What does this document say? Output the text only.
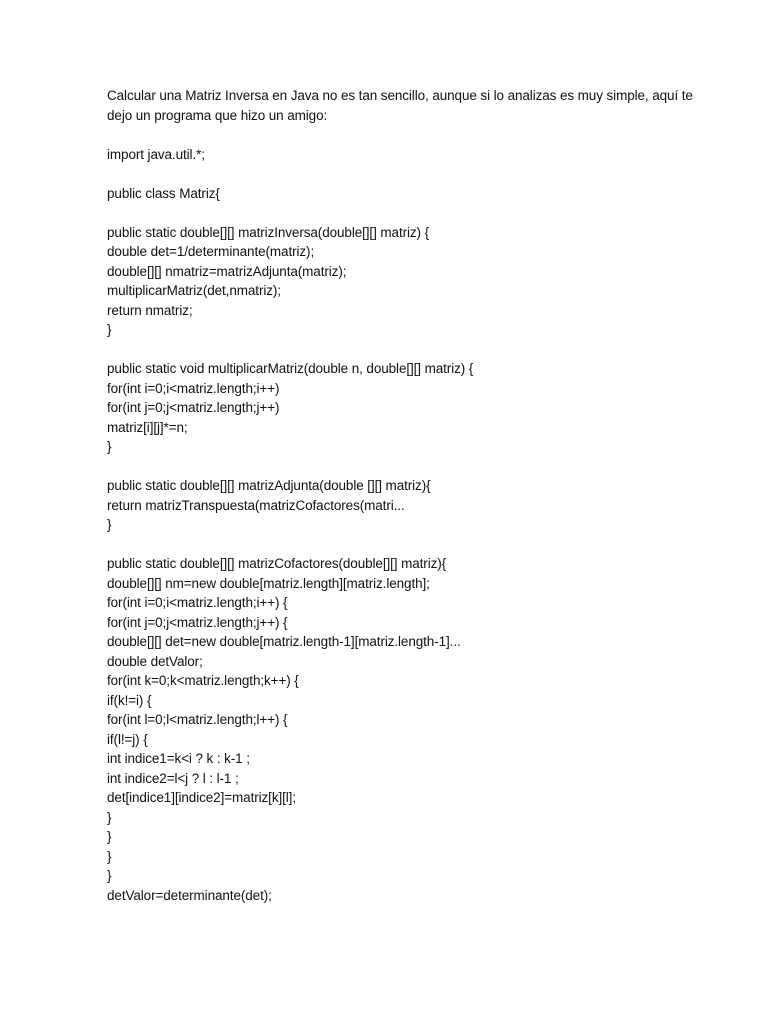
Calcular una Matriz Inversa en Java no es tan sencillo, aunque si lo analizas es muy simple, aquí te dejo un programa que hizo un amigo:

import java.util.*;
public class Matriz{
public static double[][] matrizInversa(double[][] matriz) {
double det=1/determinante(matriz);
double[][] nmatriz=matrizAdjunta(matriz);
multiplicarMatriz(det,nmatriz);
return nmatriz;
}
public static void multiplicarMatriz(double n, double[][] matriz) {
for(int i=0;i<matriz.length;i++)
for(int j=0;j<matriz.length;j++)
matriz[i][j]*=n;
}
public static double[][] matrizAdjunta(double [][] matriz){
return matrizTranspuesta(matrizCofactores(matri...
}
public static double[][] matrizCofactores(double[][] matriz){
double[][] nm=new double[matriz.length][matriz.length];
for(int i=0;i<matriz.length;i++) {
for(int j=0;j<matriz.length;j++) {
double[][] det=new double[matriz.length-1][matriz.length-1]...
double detValor;
for(int k=0;k<matriz.length;k++) {
if(k!=i) {
for(int l=0;l<matriz.length;l++) {
if(l!=j) {
int indice1=k<i ? k : k-1 ;
int indice2=l<j ? l : l-1 ;
det[indice1][indice2]=matriz[k][l];
}
}
}
}
detValor=determinante(det);
